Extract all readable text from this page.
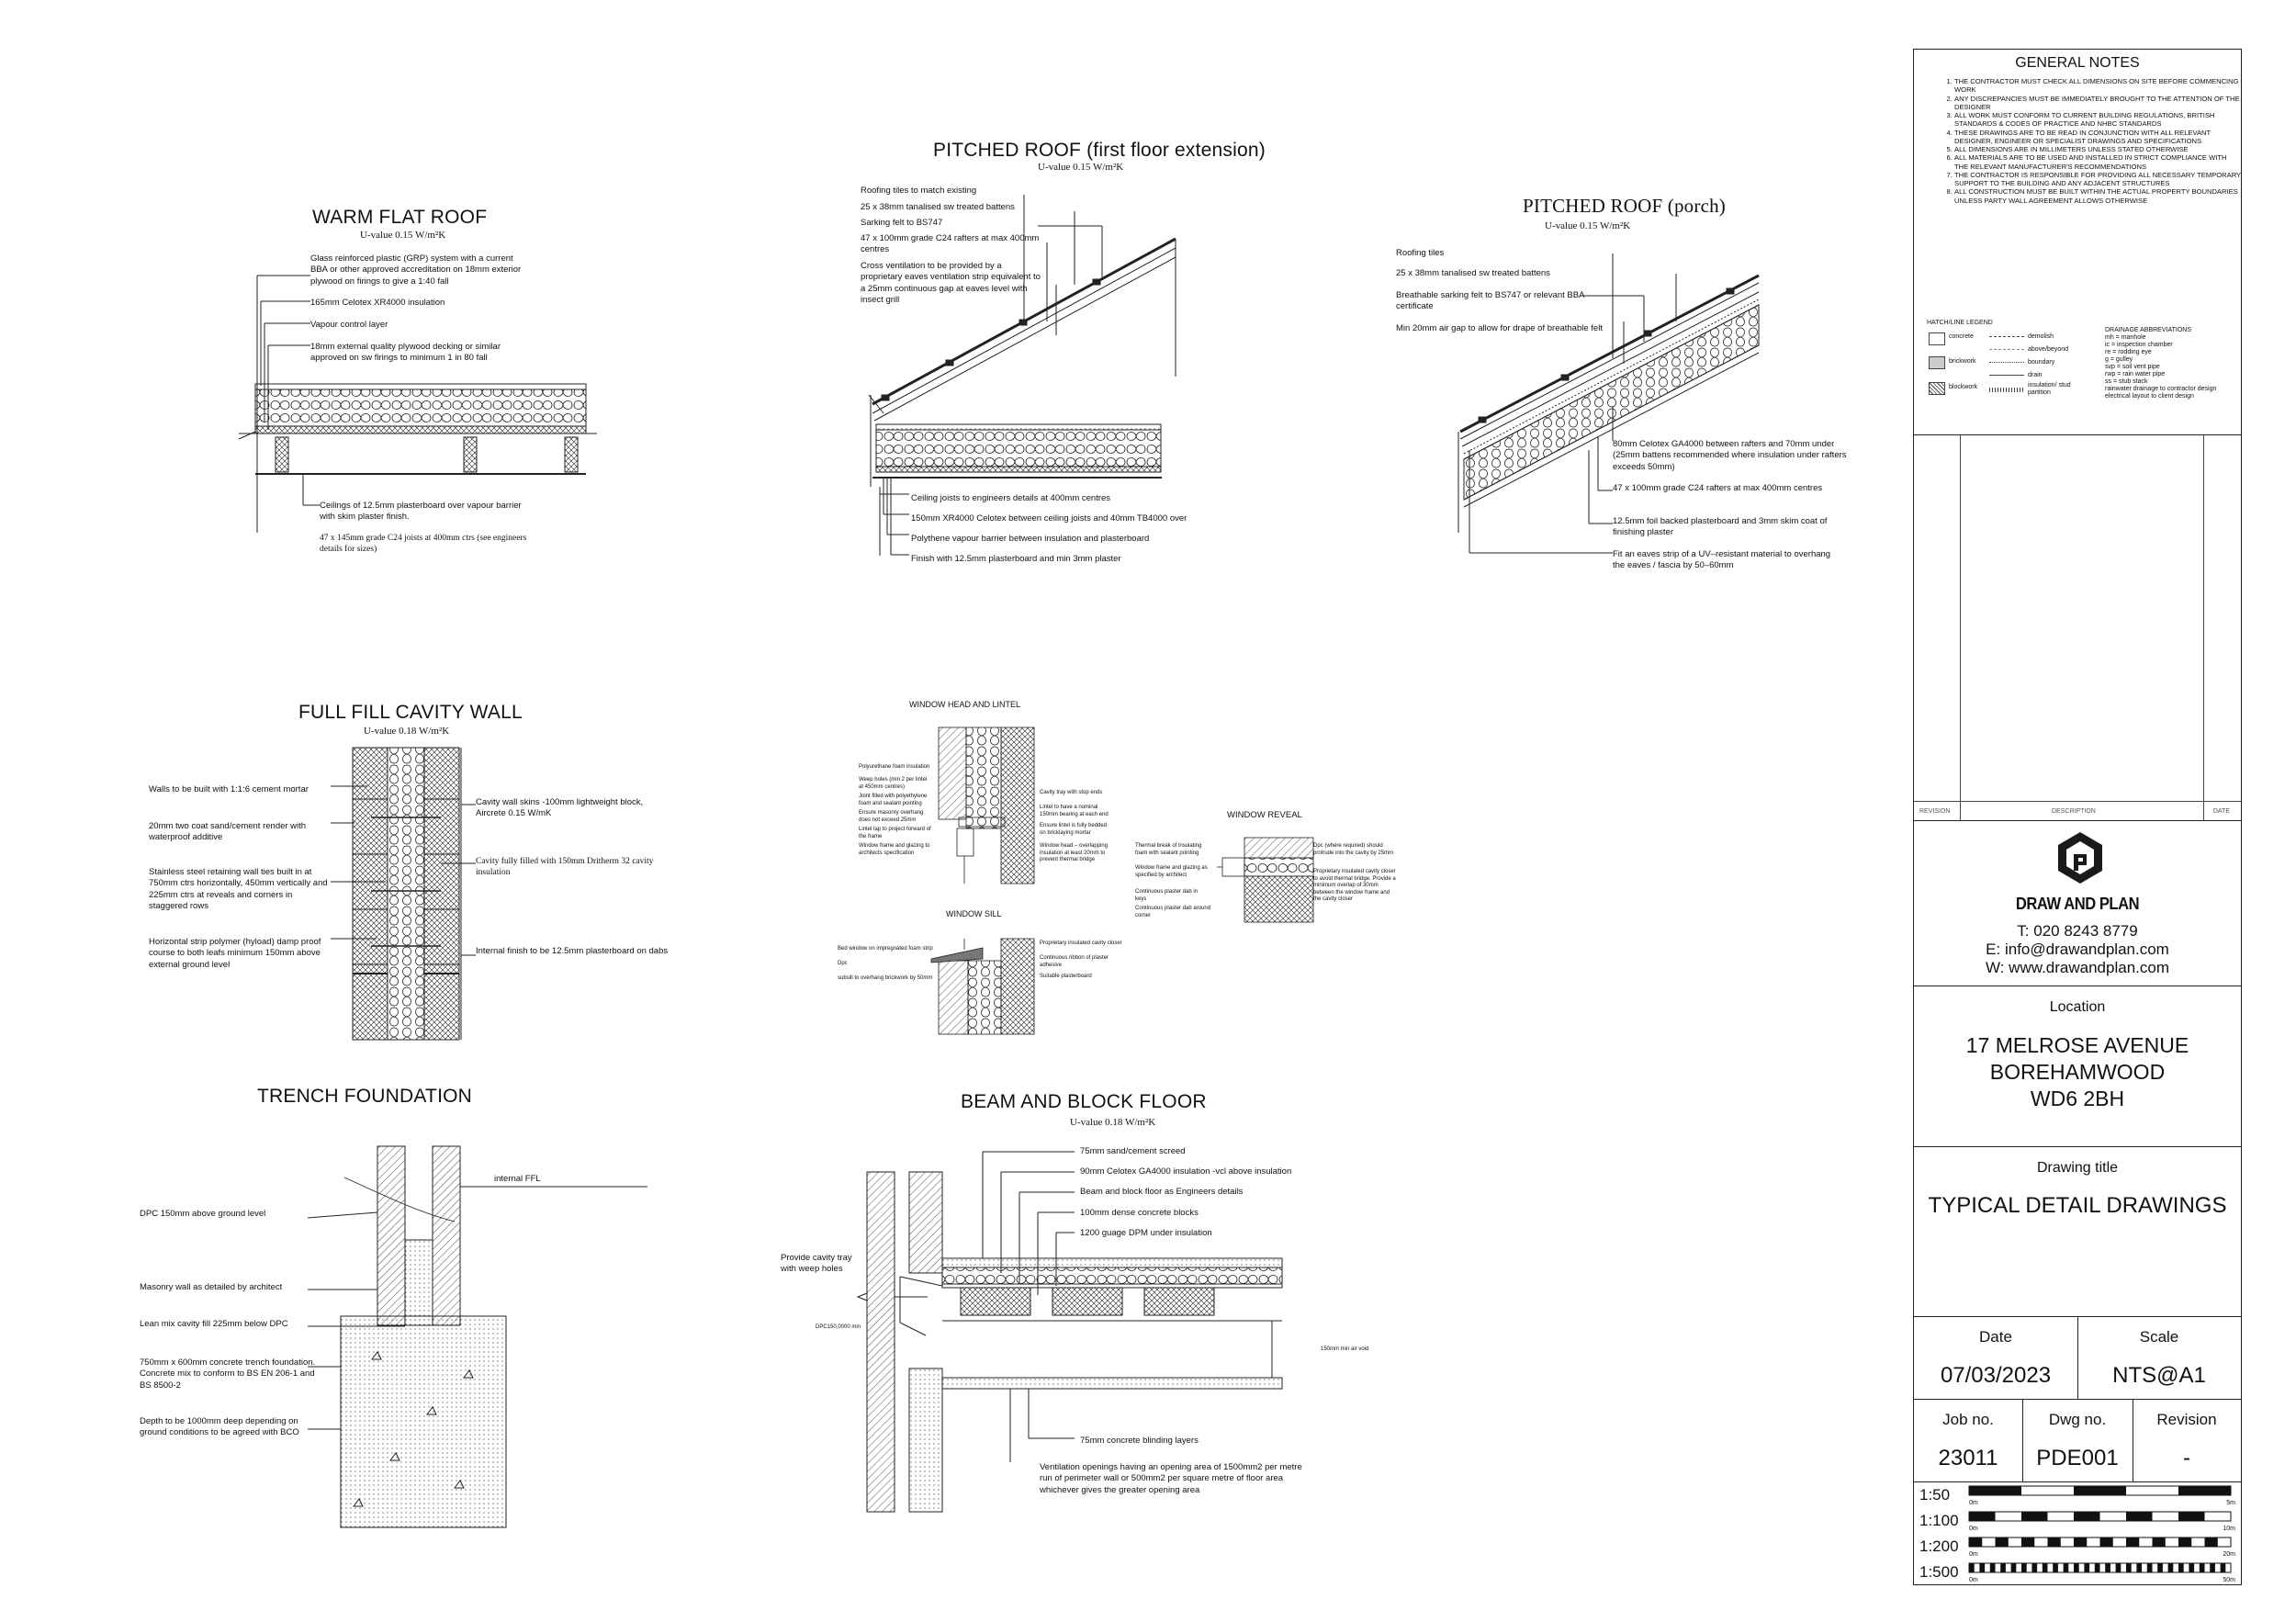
WARM FLAT ROOF
U-value 0.15 W/m²K
Glass reinforced plastic (GRP) system with a current BBA or other approved accreditation on 18mm exterior plywood on firings to give a 1:40 fall
165mm Celotex XR4000 insulation
Vapour control layer
18mm external quality plywood decking or similar approved on sw firings to minimum 1 in 80 fall
Ceilings of 12.5mm plasterboard over vapour barrier with skim plaster finish.
47 x 145mm grade C24 joists at 400mm ctrs (see engineers details for sizes)
PITCHED ROOF (first floor extension)
U-value 0.15 W/m²K
Roofing tiles to match existing
25 x 38mm tanalised sw treated battens
Sarking felt to BS747
47 x 100mm grade C24 rafters at max 400mm centres
Cross ventilation to be provided by a proprietary eaves ventilation strip equivalent to a 25mm continuous gap at eaves level with insect grill
Ceiling joists to engineers details at 400mm centres
150mm XR4000 Celotex between ceiling joists and 40mm TB4000 over
Polythene vapour barrier between insulation and plasterboard
Finish with 12.5mm plasterboard and min 3mm plaster
PITCHED ROOF (porch)
U-value 0.15 W/m²K
Roofing tiles
25 x 38mm tanalised sw treated battens
Breathable sarking felt to BS747 or relevant BBA certificate
Min 20mm air gap to allow for drape of breathable felt
80mm Celotex GA4000 between rafters and 70mm under (25mm battens recommended where insulation under rafters exceeds 50mm)
47 x 100mm grade C24 rafters at max 400mm centres
12.5mm foil backed plasterboard and 3mm skim coat of finishing plaster
Fit an eaves strip of a UV–resistant material to overhang the eaves / fascia by 50–60mm
FULL FILL CAVITY WALL
U-value 0.18 W/m²K
Walls to be built with 1:1:6 cement mortar
20mm two coat sand/cement render with waterproof additive
Stainless steel retaining wall ties built in at 750mm ctrs horizontally, 450mm vertically and 225mm ctrs at reveals and corners in staggered rows
Horizontal strip polymer (hyload) damp proof course to both leafs minimum 150mm above external ground level
Cavity wall skins -100mm lightweight block, Aircrete 0.15 W/mK
Cavity fully filled with 150mm Dritherm 32 cavity insulation
Internal finish to be 12.5mm plasterboard on dabs
WINDOW HEAD AND LINTEL
Polyurethane foam insulation
Weep holes (min 2 per lintel at 450mm centres)
Joint filled with polyethylene foam and sealant pointing
Ensure masonry overhang does not exceed 25mm
Lintel lap to project forward of the frame
Window frame and glazing to architects specification
Cavity tray with stop ends
Lintel to have a nominal 150mm bearing at each end
Ensure lintel is fully bedded on bricklaying mortar
Window head – overlapping insulation at least 20mm to prevent thermal bridge
WINDOW REVEAL
Thermal break of insulating foam with sealant pointing
Window frame and glazing as specified by architect
Continuous plaster dab in keys
Continuous plaster dab around corner
Dpc (where required) should protrude into the cavity by 25mm
Proprietary insulated cavity closer to avoid thermal bridge. Provide a minimum overlap of 30mm between the window frame and the cavity closer
WINDOW SILL
Bed window on impregnated foam strip
Dpc
subsill to overhang brickwork by 50mm
Proprietary insulated cavity closer
Continuous ribbon of plaster adhesive
Suitable plasterboard
TRENCH FOUNDATION
internal FFL
DPC 150mm above ground level
Masonry wall as detailed by architect
Lean mix cavity fill 225mm below DPC
750mm x 600mm concrete trench foundation. Concrete mix to conform to BS EN 206-1 and BS 8500-2
Depth to be 1000mm deep depending on ground conditions to be agreed with BCO
BEAM AND BLOCK FLOOR
U-value 0.18 W/m²K
75mm sand/cement screed
90mm Celotex GA4000 insulation -vcl above insulation
Beam and block floor as Engineers details
100mm dense concrete blocks
1200 guage DPM under insulation
Provide cavity tray with weep holes
DPC150,0000 min
150mm min air void
75mm concrete blinding layers
Ventilation openings having an opening area of 1500mm2 per metre run of perimeter wall or 500mm2 per square metre of floor area whichever gives the greater opening area
GENERAL NOTES
1. THE CONTRACTOR MUST CHECK ALL DIMENSIONS ON SITE BEFORE COMMENCING WORK
2. ANY DISCREPANCIES MUST BE IMMEDIATELY BROUGHT TO THE ATTENTION OF THE DESIGNER
3. ALL WORK MUST CONFORM TO CURRENT BUILDING REGULATIONS, BRITISH STANDARDS & CODES OF PRACTICE AND NHBC STANDARDS
4. THESE DRAWINGS ARE TO BE READ IN CONJUNCTION WITH ALL RELEVANT DESIGNER, ENGINEER OR SPECIALIST DRAWINGS AND SPECIFICATIONS
5. ALL DIMENSIONS ARE IN MILLIMETERS UNLESS STATED OTHERWISE
6. ALL MATERIALS ARE TO BE USED AND INSTALLED IN STRICT COMPLIANCE WITH THE RELEVANT MANUFACTURER'S RECOMMENDATIONS
7. THE CONTRACTOR IS RESPONSIBLE FOR PROVIDING ALL NECESSARY TEMPORARY SUPPORT TO THE BUILDING AND ANY ADJACENT STRUCTURES
8. ALL CONSTRUCTION MUST BE BUILT WITHIN THE ACTUAL PROPERTY BOUNDARIES UNLESS PARTY WALL AGREEMENT ALLOWS OTHERWISE
HATCH/LINE LEGEND
concrete
brickwork
blockwork
demolish
above/beyond
boundary
drain
insulation/ stud partition
DRAINAGE ABBREVIATIONS
mh = manhole
ic = inspection chamber
re = rodding eye
g = gulley
svp = soil vent pipe
rwp = rain water pipe
ss = stub stack
rainwater drainage to contractor design
electrical layout to client design
REVISION	DESCRIPTION	DATE
DRAW AND PLAN
T: 020 8243 8779
E: info@drawandplan.com
W: www.drawandplan.com
Location
17 MELROSE AVENUE
BOREHAMWOOD
WD6 2BH
Drawing title
TYPICAL DETAIL DRAWINGS
Date
07/03/2023
Scale
NTS@A1
Job no.
23011
Dwg no.
PDE001
Revision
-
1:50	0m	5m
1:100 0m	10m
1:200 0m	20m
1:500 0m	50m
